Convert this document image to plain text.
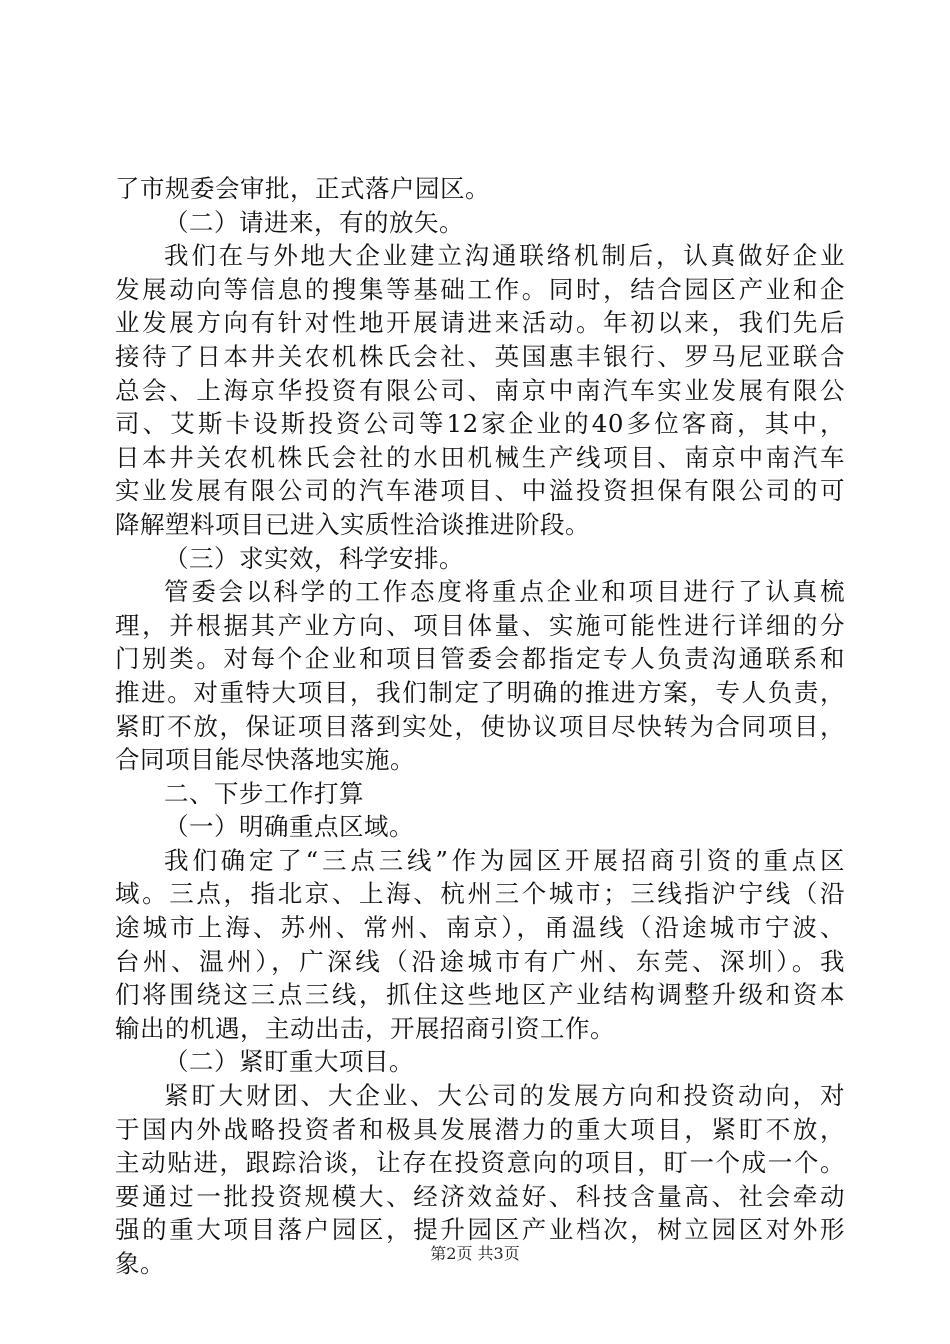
了市规委会审批，正式落户园区。
（二）请进来，有的放矢。
我们在与外地大企业建立沟通联络机制后，认真做好企业
发展动向等信息的搜集等基础工作。同时，结合园区产业和企
业发展方向有针对性地开展请进来活动。年初以来，我们先后
接待了日本井关农机株氏会社、英国惠丰银行、罗马尼亚联合
总会、上海京华投资有限公司、南京中南汽车实业发展有限公
司、艾斯卡设斯投资公司等12家企业的40多位客商，其中，
日本井关农机株氏会社的水田机械生产线项目、南京中南汽车
实业发展有限公司的汽车港项目、中溢投资担保有限公司的可
降解塑料项目已进入实质性洽谈推进阶段。
（三）求实效，科学安排。
管委会以科学的工作态度将重点企业和项目进行了认真梳
理，并根据其产业方向、项目体量、实施可能性进行详细的分
门别类。对每个企业和项目管委会都指定专人负责沟通联系和
推进。对重特大项目，我们制定了明确的推进方案，专人负责，
紧盯不放，保证项目落到实处，使协议项目尽快转为合同项目，
合同项目能尽快落地实施。
二、下步工作打算
（一）明确重点区域。
我们确定了“三点三线”作为园区开展招商引资的重点区
域。三点，指北京、上海、杭州三个城市；三线指沪宁线（沿
途城市上海、苏州、常州、南京），甬温线（沿途城市宁波、
台州、温州），广深线（沿途城市有广州、东莞、深圳）。我
们将围绕这三点三线，抓住这些地区产业结构调整升级和资本
输出的机遇，主动出击，开展招商引资工作。
（二）紧盯重大项目。
紧盯大财团、大企业、大公司的发展方向和投资动向，对
于国内外战略投资者和极具发展潜力的重大项目，紧盯不放，
主动贴进，跟踪洽谈，让存在投资意向的项目，盯一个成一个。
要通过一批投资规模大、经济效益好、科技含量高、社会牵动
强的重大项目落户园区，提升园区产业档次，树立园区对外形
象。	第2页 共3页
